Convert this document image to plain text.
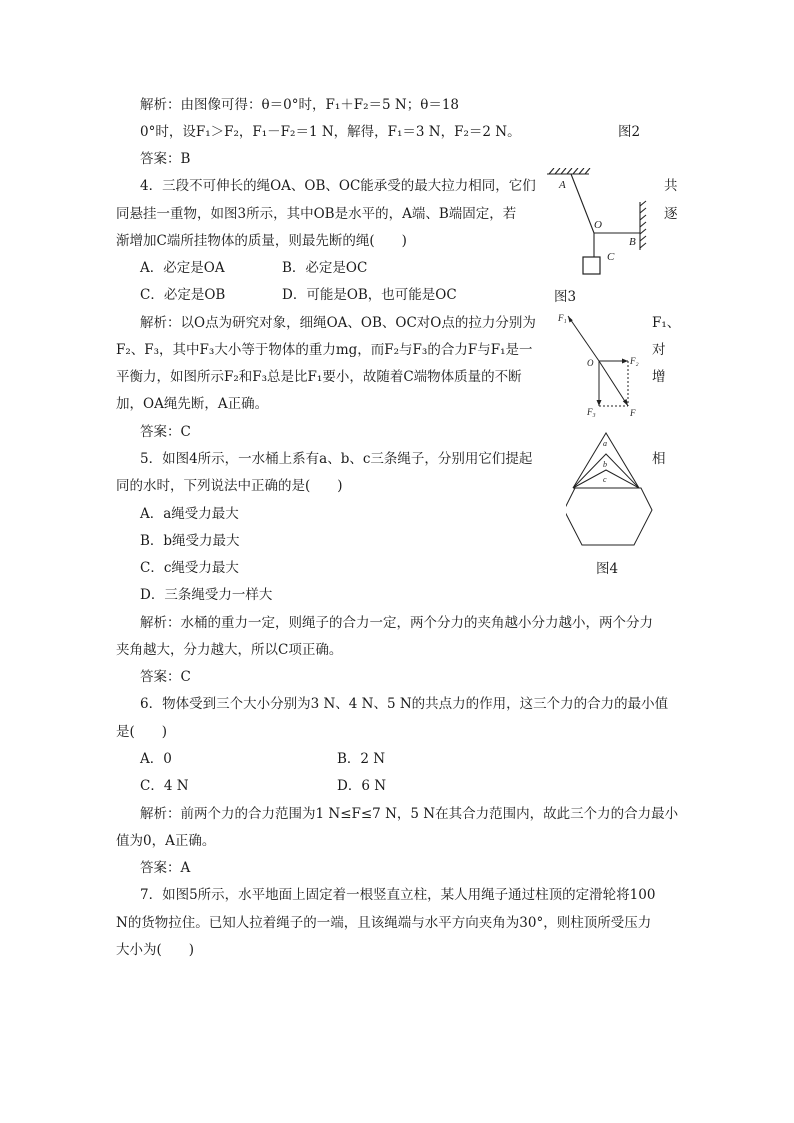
解析：由图像可得：θ＝0°时，F₁＋F₂＝5 N；θ＝18
0°时，设F₁＞F₂，F₁－F₂＝1 N，解得，F₁＝3 N，F₂＝2 N。
答案：B
4．三段不可伸长的绳OA、OB、OC能承受的最大拉力相同，它们	共
同悬挂一重物，如图3所示，其中OB是水平的，A端、B端固定，若	逐
渐增加C端所挂物体的质量，则最先断的绳(　　)
A．必定是OA	B．必定是OC
C．必定是OB	D．可能是OB，也可能是OC
解析：以O点为研究对象，细绳OA、OB、OC对O点的拉力分别为	F₁、
F₂、F₃，其中F₃大小等于物体的重力mg，而F₂与F₃的合力F与F₁是一	对
平衡力，如图所示F₂和F₃总是比F₁要小，故随着C端物体质量的不断	增
加，OA绳先断，A正确。
答案：C
5．如图4所示，一水桶上系有a、b、c三条绳子，分别用它们提起	相
同的水时，下列说法中正确的是(　　)
A．a绳受力最大
B．b绳受力最大
C．c绳受力最大
D．三条绳受力一样大
解析：水桶的重力一定，则绳子的合力一定，两个分力的夹角越小分力越小，两个分力
夹角越大，分力越大，所以C项正确。
答案：C
6．物体受到三个大小分别为3 N、4 N、5 N的共点力的作用，这三个力的合力的最小值
是(　　)
A．0	B．2 N
C．4 N	D．6 N
解析：前两个力的合力范围为1 N≤F≤7 N，5 N在其合力范围内，故此三个力的合力最小
值为0，A正确。
答案：A
7．如图5所示，水平地面上固定着一根竖直立柱，某人用绳子通过柱顶的定滑轮将100
N的货物拉住。已知人拉着绳子的一端，且该绳端与水平方向夹角为30°，则柱顶所受压力
大小为(　　)
图2
图3
图4
A
O
B
C
F₁
F₂
F₃	F
O
a
b
c
